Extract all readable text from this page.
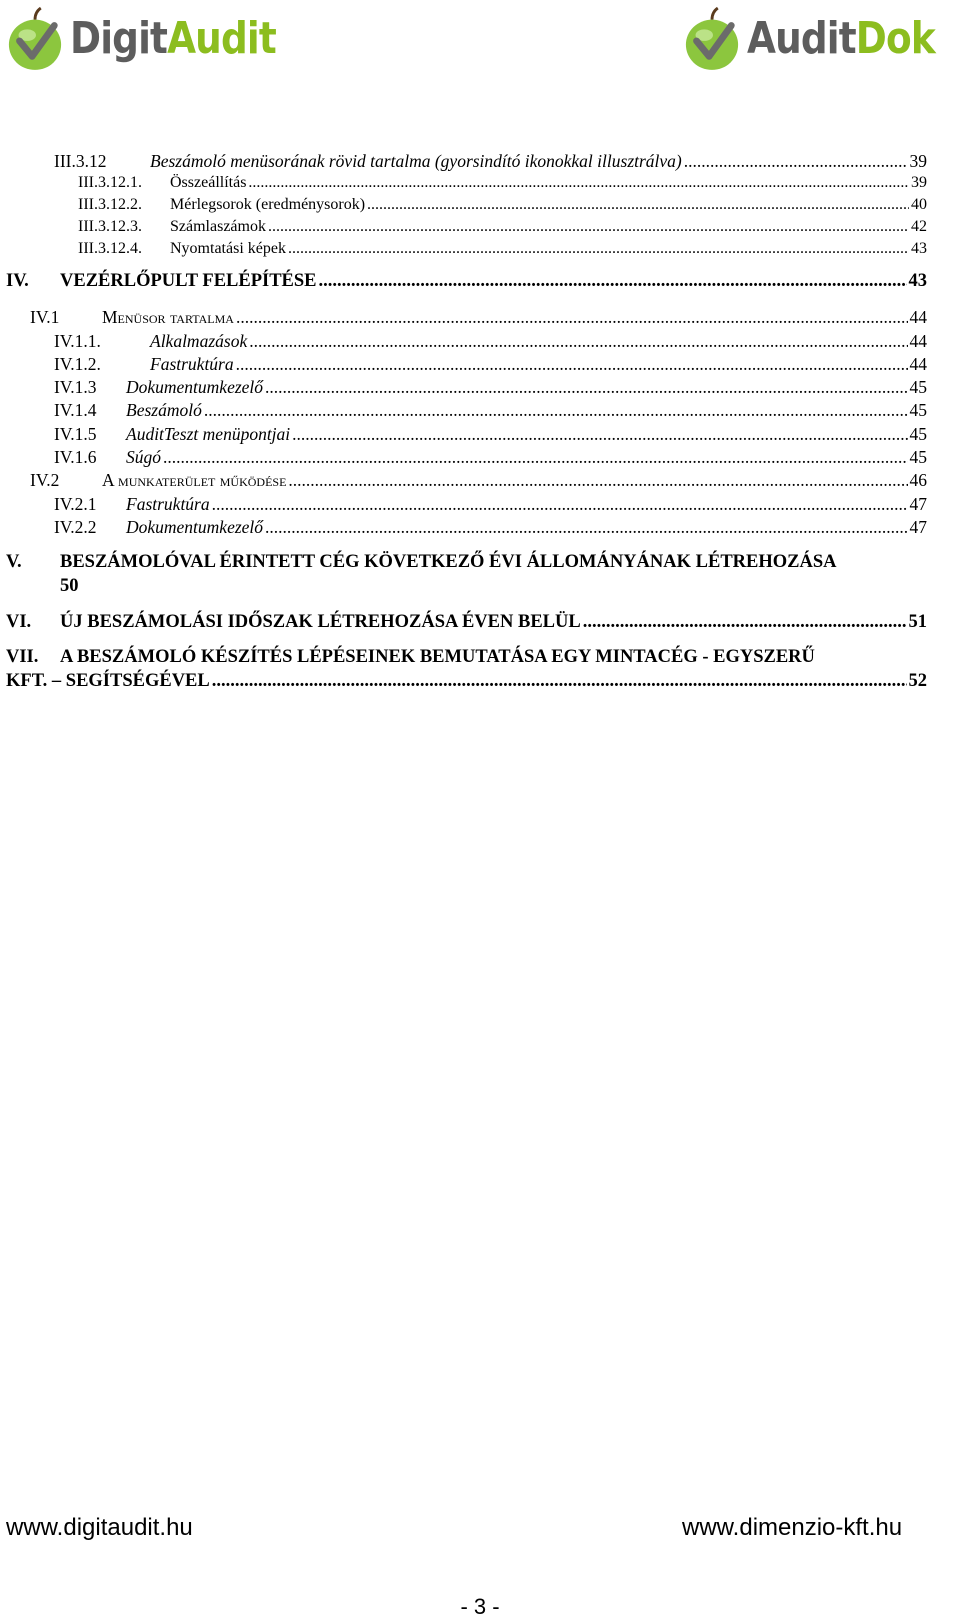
DigitAudit	AuditDok
III.3.12	Beszámoló menüsorának rövid tartalma (gyorsindító ikonokkal illusztrálva) .....	39
III.3.12.1.	Összeállítás .....	39
III.3.12.2.	Mérlegsorok (eredménysorok) .....	40
III.3.12.3.	Számlaszámok .....	42
III.3.12.4.	Nyomtatási képek .....	43
IV.	VEZÉRLŐPULT FELÉPÍTÉSE .....	43
IV.1	Menüsor tartalma .....	44
IV.1.1.	Alkalmazások .....	44
IV.1.2.	Fastruktúra .....	44
IV.1.3	Dokumentumkezelő .....	45
IV.1.4	Beszámoló .....	45
IV.1.5	AuditTeszt menüpontjai .....	45
IV.1.6	Súgó .....	45
IV.2	A munkaterület működése .....	46
IV.2.1	Fastruktúra .....	47
IV.2.2	Dokumentumkezelő .....	47
V.	BESZÁMOLÓVAL ÉRINTETT CÉG KÖVETKEZŐ ÉVI ÁLLOMÁNYÁNAK LÉTREHOZÁSA
50
VI.	ÚJ BESZÁMOLÁSI IDŐSZAK LÉTREHOZÁSA ÉVEN BELÜL .....	51
VII.	A BESZÁMOLÓ KÉSZÍTÉS LÉPÉSEINEK BEMUTATÁSA EGY MINTACÉG - EGYSZERŰ
KFT. – SEGÍTSÉGÉVEL .....	52
www.digitaudit.hu	www.dimenzio-kft.hu
- 3 -
